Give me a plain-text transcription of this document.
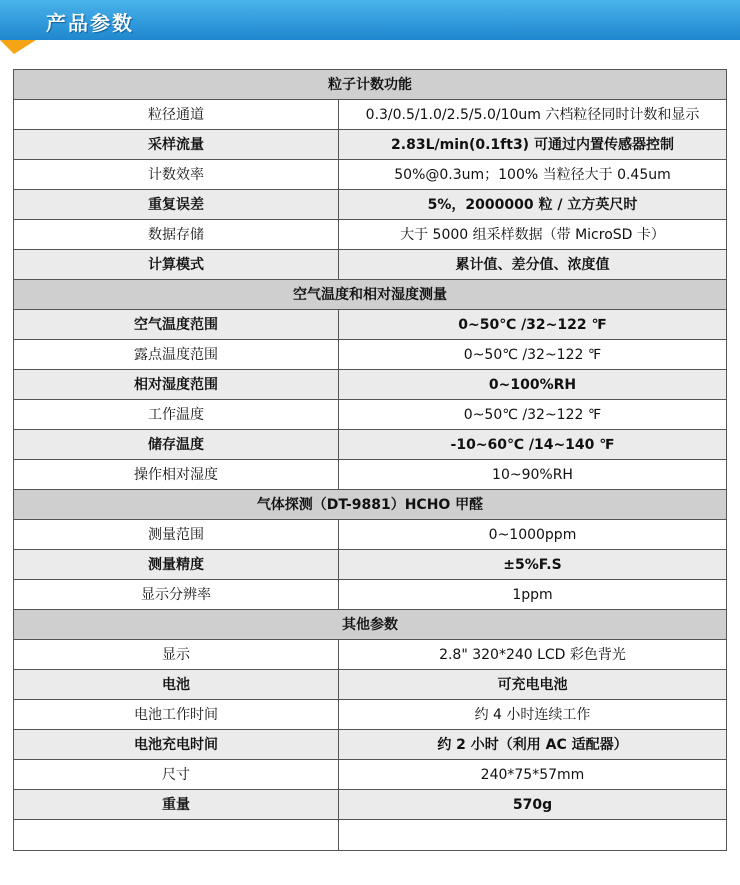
产品参数
粒子计数功能	
粒径通道	0.3/0.5/1.0/2.5/5.0/10um 六档粒径同时计数和显示
采样流量	2.83L/min(0.1ft3) 可通过内置传感器控制
计数效率	50%@0.3um；100% 当粒径大于 0.45um
重复误差	5%，2000000 粒 / 立方英尺时
数据存储	大于 5000 组采样数据（带 MicroSD 卡）
计算模式	累计值、差分值、浓度值
空气温度和相对湿度测量	
空气温度范围	0~50℃ /32~122 ℉
露点温度范围	0~50℃ /32~122 ℉
相对湿度范围	0~100%RH
工作温度	0~50℃ /32~122 ℉
储存温度	-10~60℃ /14~140 ℉
操作相对湿度	10~90%RH
气体探测（DT-9881）HCHO 甲醛	
测量范围	0~1000ppm
测量精度	±5%F.S
显示分辨率	1ppm
其他参数	
显示	2.8" 320*240 LCD 彩色背光
电池	可充电电池
电池工作时间	约 4 小时连续工作
电池充电时间	约 2 小时（利用 AC 适配器）
尺寸	240*75*57mm
重量	570g
